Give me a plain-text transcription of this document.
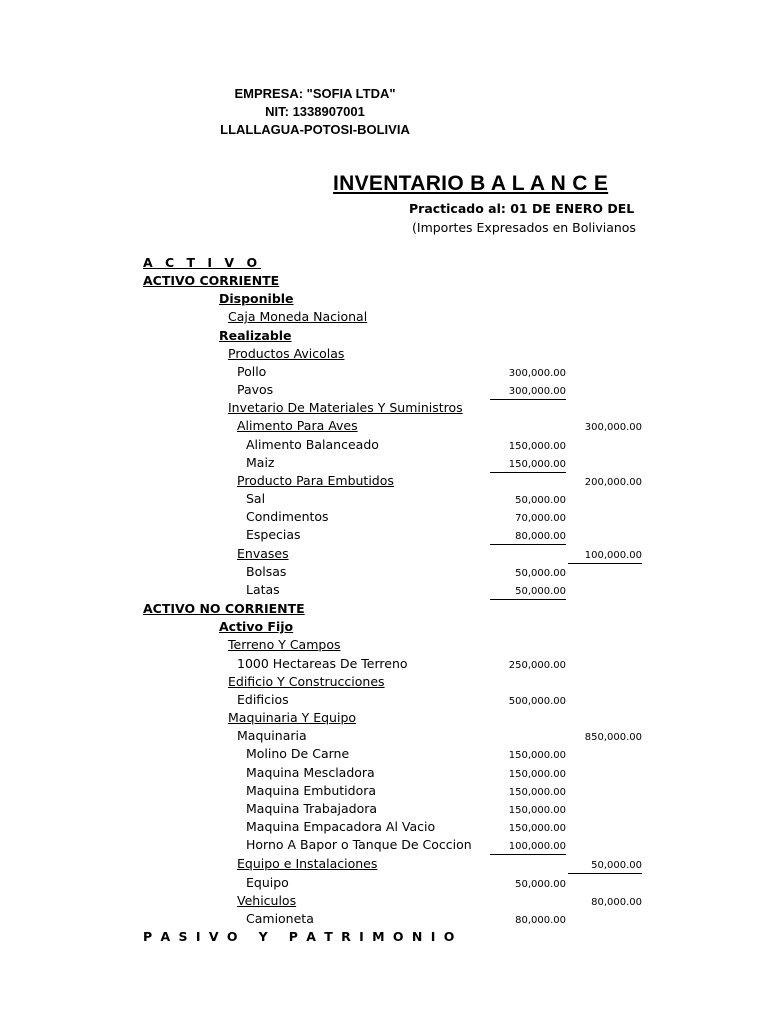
EMPRESA: "SOFIA LTDA"
NIT: 1338907001
LLALLAGUA-POTOSI-BOLIVIA
INVENTARIO B A L A N C E
Practicado al: 01 DE ENERO DEL
(Importes Expresados en Bolivianos
A C T I V O
ACTIVO CORRIENTE
Disponible
Caja Moneda Nacional
Realizable
Productos Avicolas
Pollo	300,000.00
Pavos	300,000.00
Invetario De Materiales Y Suministros
Alimento Para Aves	300,000.00
Alimento Balanceado	150,000.00
Maiz	150,000.00
Producto Para Embutidos	200,000.00
Sal	50,000.00
Condimentos	70,000.00
Especias	80,000.00
Envases	100,000.00
Bolsas	50,000.00
Latas	50,000.00
ACTIVO NO CORRIENTE
Activo Fijo
Terreno Y Campos
1000 Hectareas De Terreno	250,000.00
Edificio Y Construcciones
Edificios	500,000.00
Maquinaria Y Equipo
Maquinaria	850,000.00
Molino De Carne	150,000.00
Maquina Mescladora	150,000.00
Maquina Embutidora	150,000.00
Maquina Trabajadora	150,000.00
Maquina Empacadora Al Vacio	150,000.00
Horno A Bapor o Tanque De Coccion	100,000.00
Equipo e Instalaciones	50,000.00
Equipo	50,000.00
Vehiculos	80,000.00
Camioneta	80,000.00
P A S I V O   Y   P A T R I M O N I O
